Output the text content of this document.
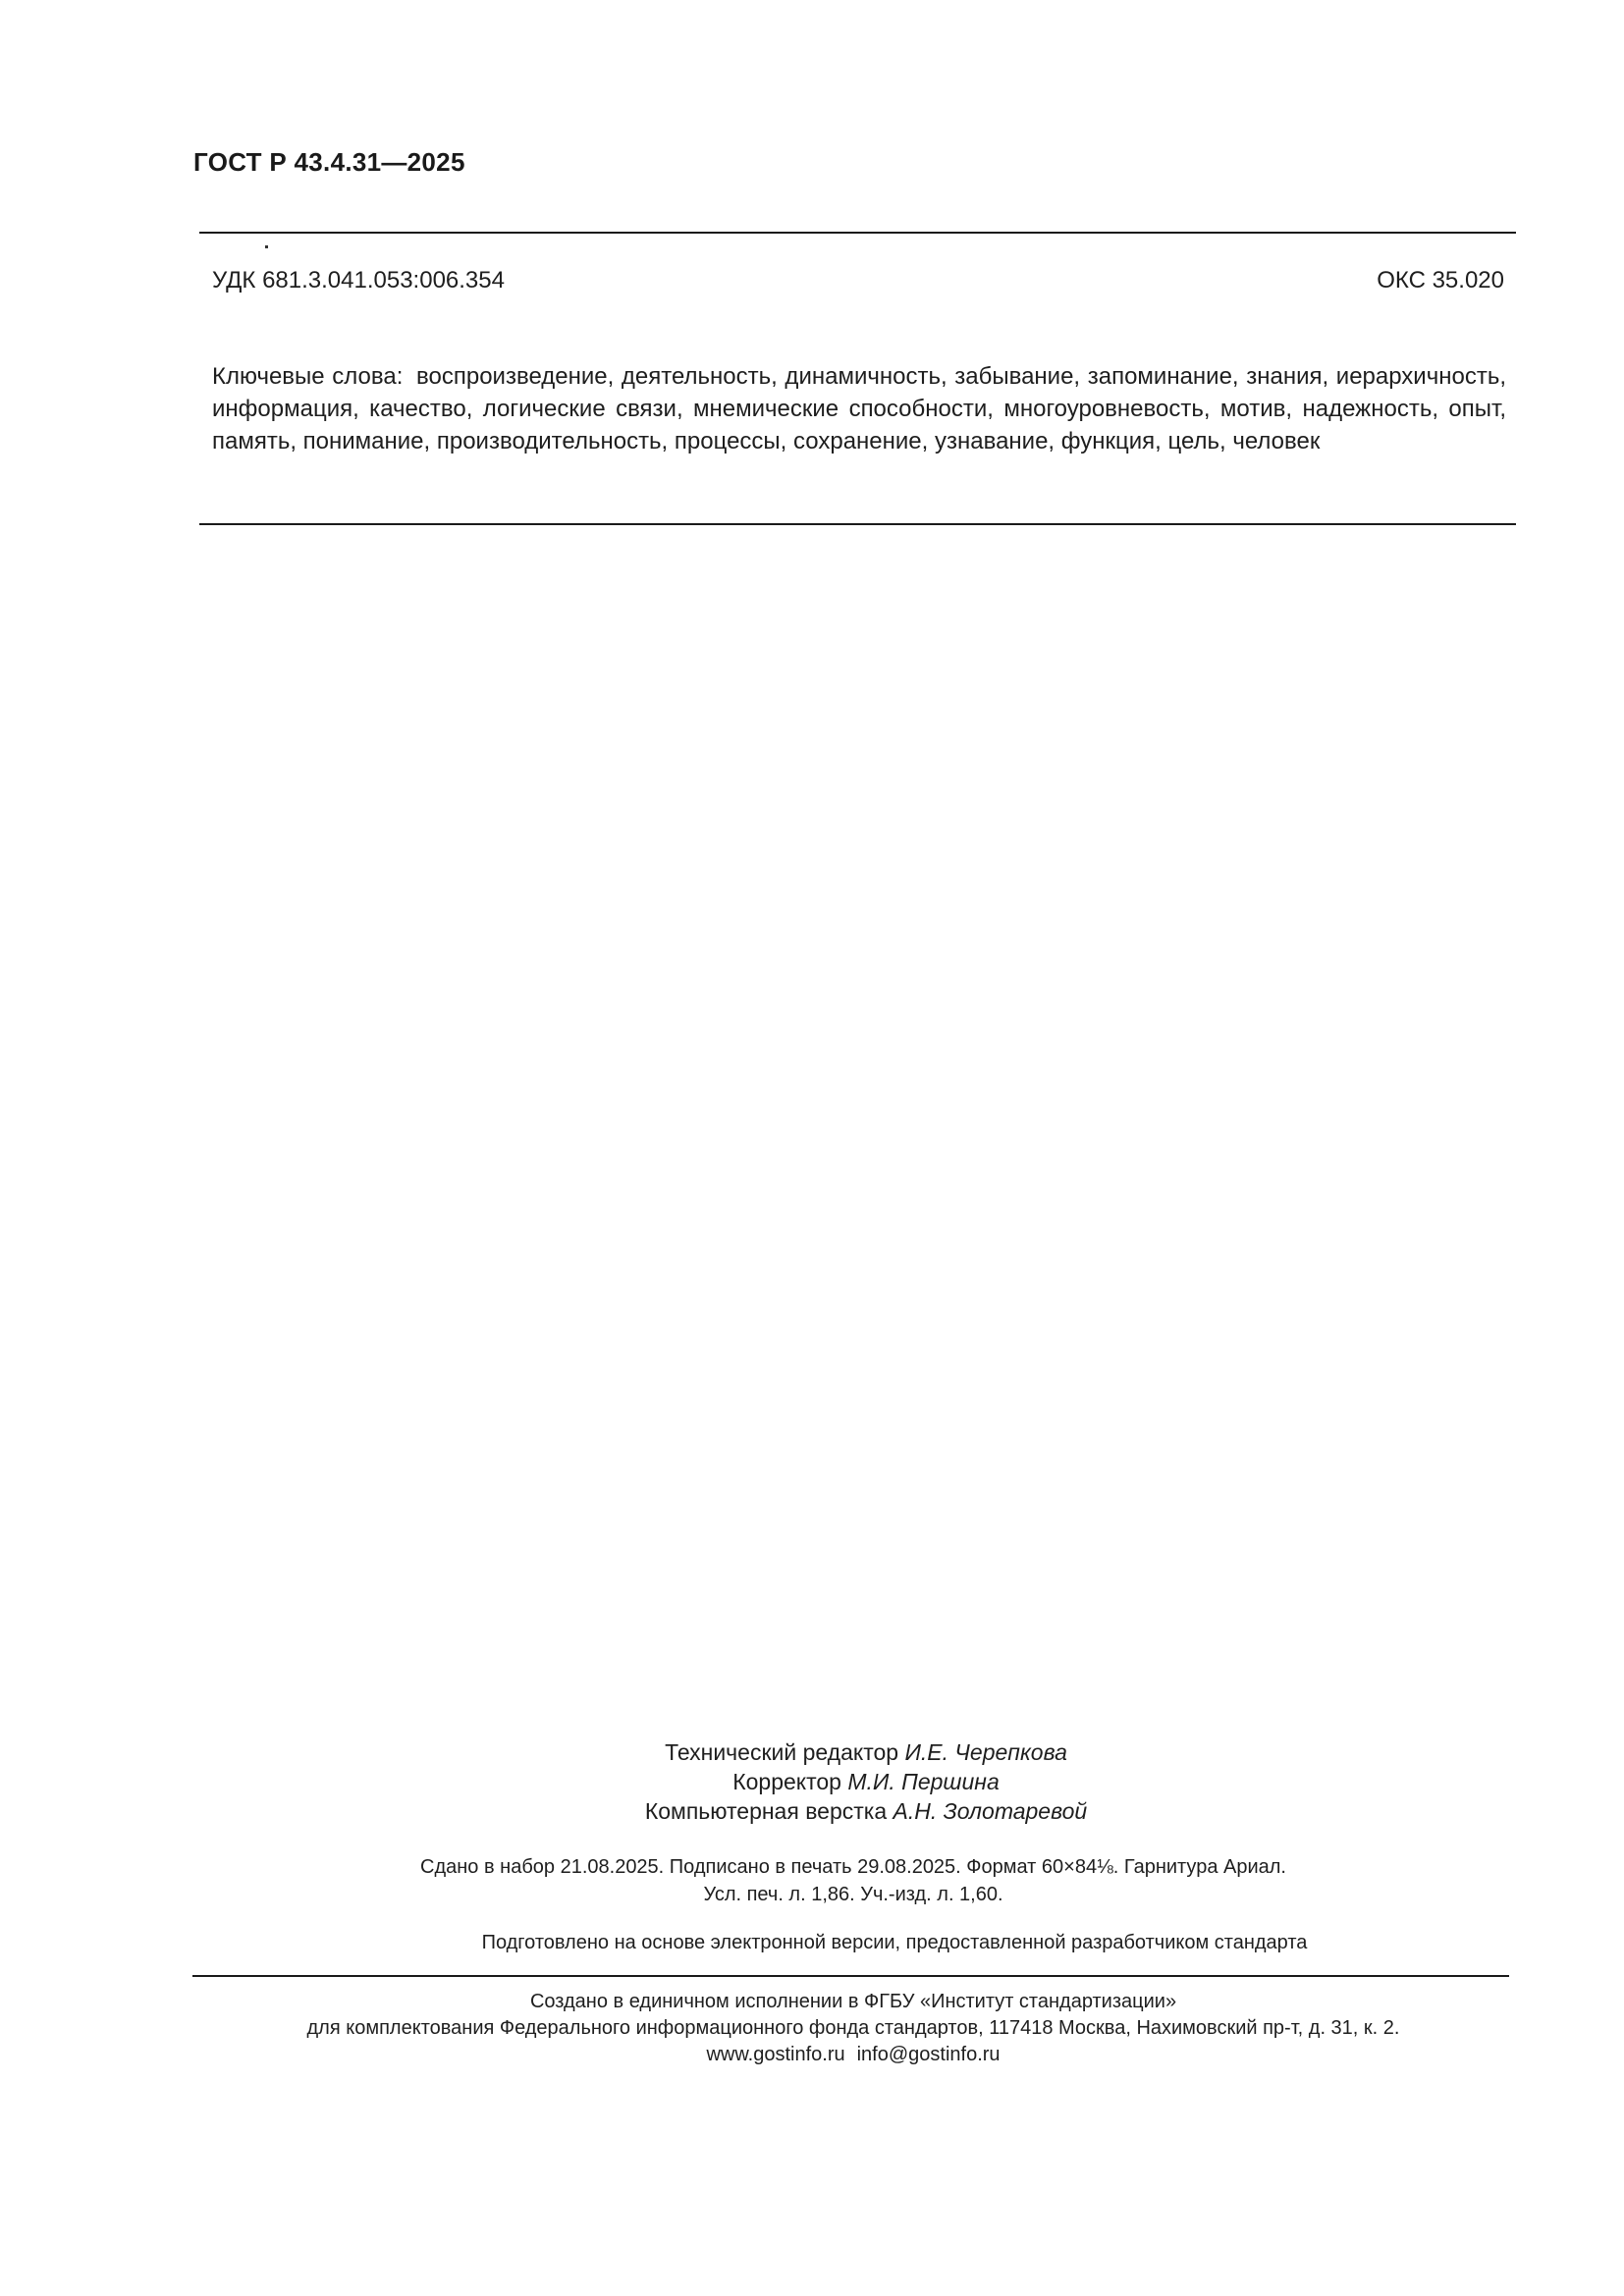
ГОСТ Р 43.4.31—2025
УДК 681.3.041.053:006.354	ОКС 35.020
Ключевые слова: воспроизведение, деятельность, динамичность, забывание, запоминание, знания, иерархичность, информация, качество, логические связи, мнемические способности, многоуровневость, мотив, надежность, опыт, память, понимание, производительность, процессы, сохранение, узнавание, функция, цель, человек
Технический редактор И.Е. Черепкова
Корректор М.И. Першина
Компьютерная верстка А.Н. Золотаревой
Сдано в набор 21.08.2025. Подписано в печать 29.08.2025. Формат 60×84⅛. Гарнитура Ариал.
Усл. печ. л. 1,86. Уч.-изд. л. 1,60.
Подготовлено на основе электронной версии, предоставленной разработчиком стандарта
Создано в единичном исполнении в ФГБУ «Институт стандартизации»
для комплектования Федерального информационного фонда стандартов, 117418 Москва, Нахимовский пр-т, д. 31, к. 2.
www.gostinfo.ru info@gostinfo.ru
